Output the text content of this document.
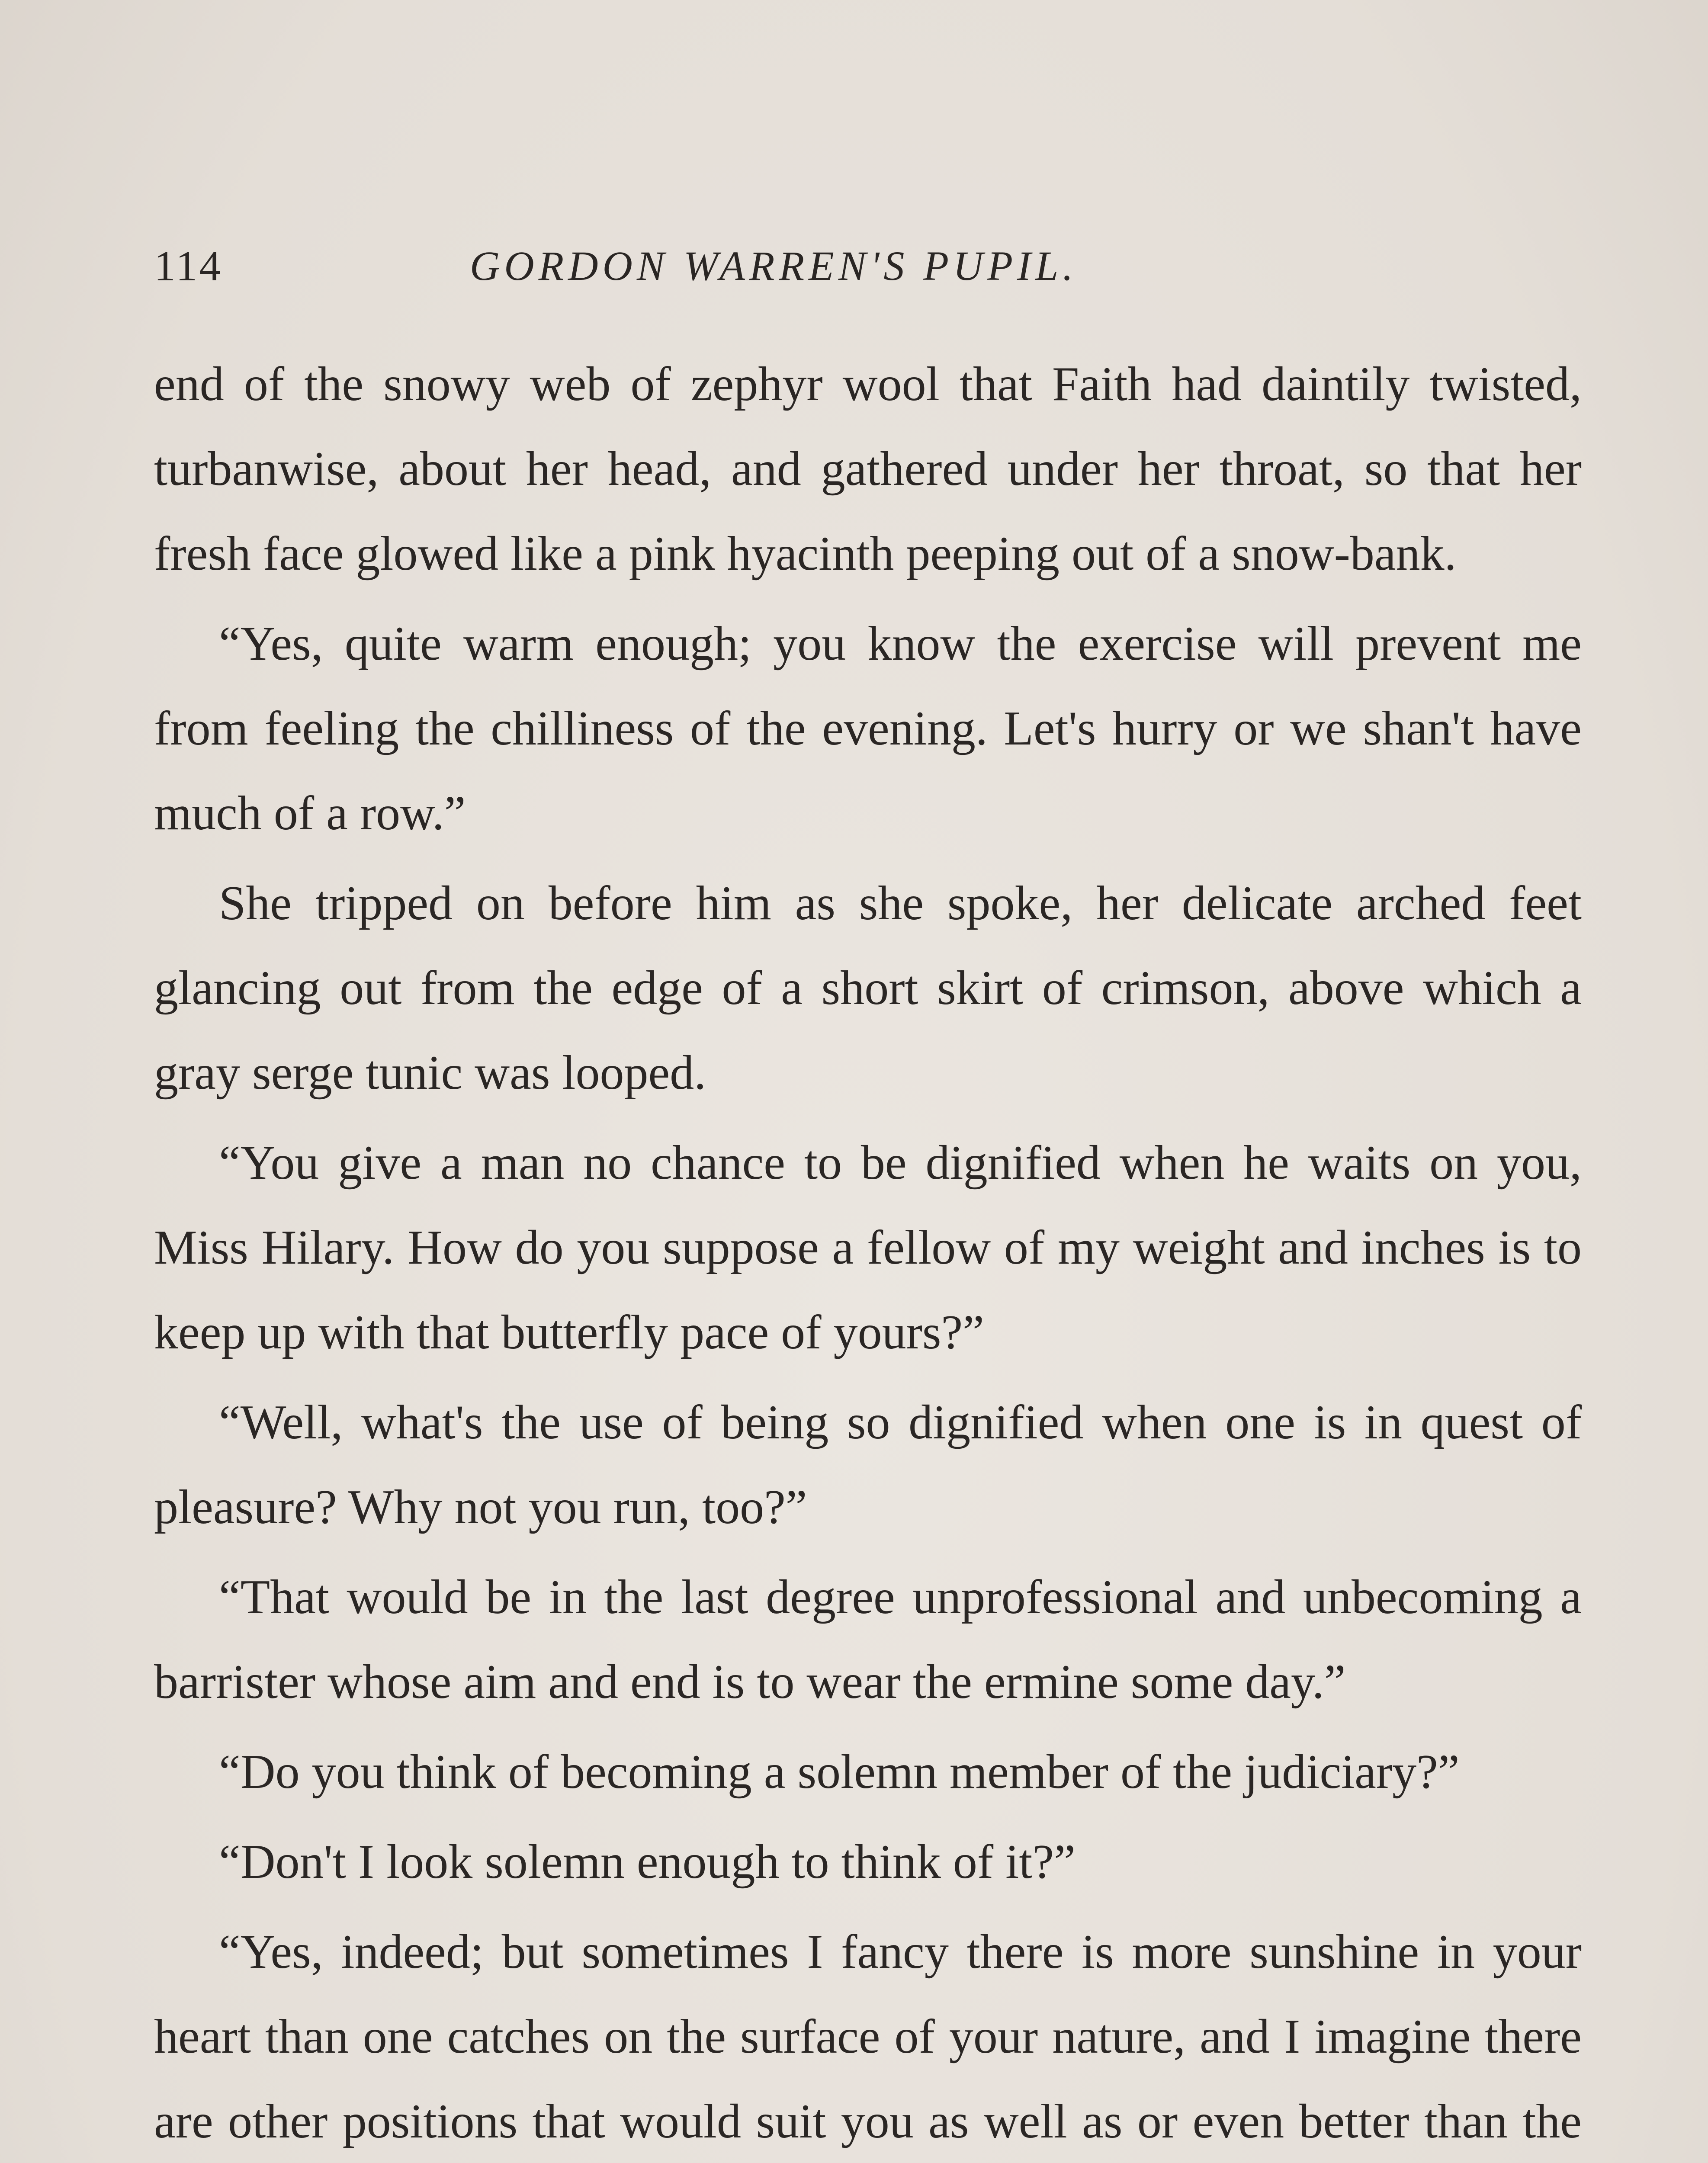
114	GORDON WARREN'S PUPIL.

end of the snowy web of zephyr wool that Faith had daintily twisted, turbanwise, about her head, and gathered under her throat, so that her fresh face glowed like a pink hyacinth peeping out of a snow-bank.

“Yes, quite warm enough; you know the exercise will prevent me from feeling the chilliness of the evening. Let's hurry or we shan't have much of a row.”

She tripped on before him as she spoke, her delicate arched feet glancing out from the edge of a short skirt of crimson, above which a gray serge tunic was looped.

“You give a man no chance to be dignified when he waits on you, Miss Hilary. How do you suppose a fellow of my weight and inches is to keep up with that butterfly pace of yours?”

“Well, what's the use of being so dignified when one is in quest of pleasure? Why not you run, too?”

“That would be in the last degree unprofessional and unbecoming a barrister whose aim and end is to wear the ermine some day.”

“Do you think of becoming a solemn member of the judiciary?”

“Don't I look solemn enough to think of it?”

“Yes, indeed; but sometimes I fancy there is more sunshine in your heart than one catches on the surface of your nature, and I imagine there are other positions that would suit you as well as or even better than the
